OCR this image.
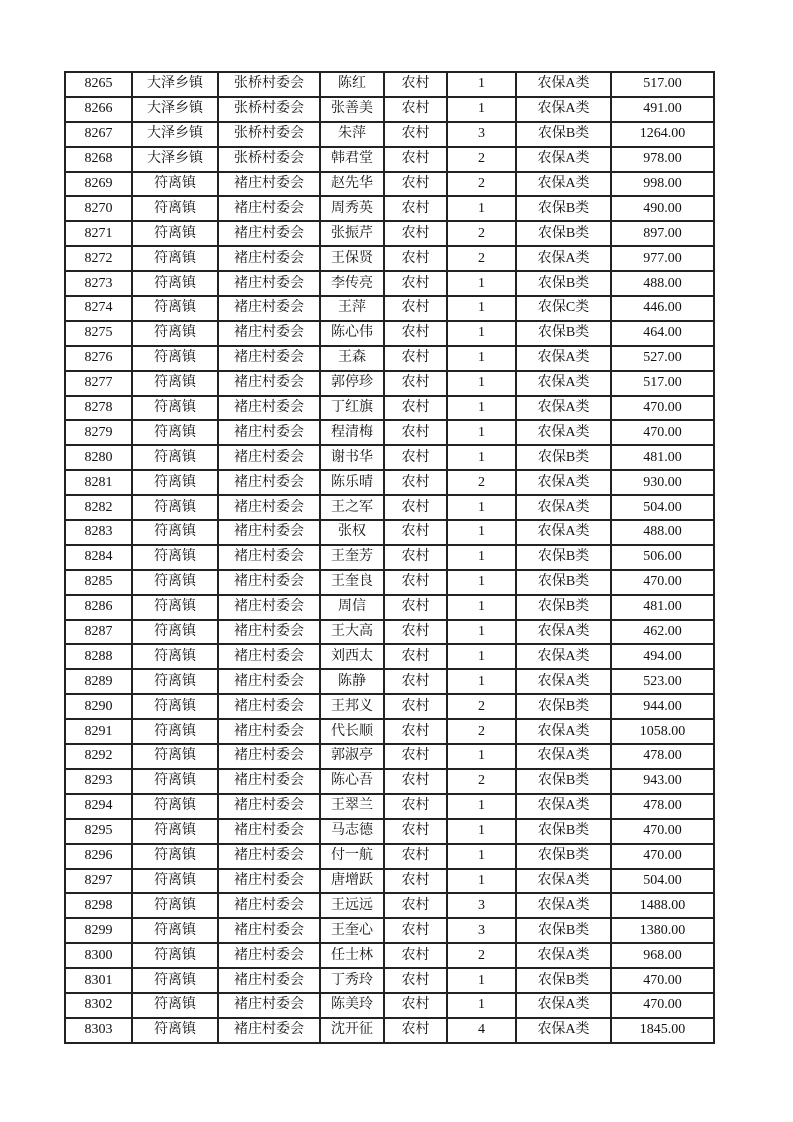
8265	大泽乡镇	张桥村委会	陈红	农村	1	农保A类	517.00
8266	大泽乡镇	张桥村委会	张善美	农村	1	农保A类	491.00
8267	大泽乡镇	张桥村委会	朱萍	农村	3	农保B类	1264.00
8268	大泽乡镇	张桥村委会	韩君堂	农村	2	农保A类	978.00
8269	符离镇	褚庄村委会	赵先华	农村	2	农保A类	998.00
8270	符离镇	褚庄村委会	周秀英	农村	1	农保B类	490.00
8271	符离镇	褚庄村委会	张振芹	农村	2	农保B类	897.00
8272	符离镇	褚庄村委会	王保贤	农村	2	农保A类	977.00
8273	符离镇	褚庄村委会	李传亮	农村	1	农保B类	488.00
8274	符离镇	褚庄村委会	王萍	农村	1	农保C类	446.00
8275	符离镇	褚庄村委会	陈心伟	农村	1	农保B类	464.00
8276	符离镇	褚庄村委会	王森	农村	1	农保A类	527.00
8277	符离镇	褚庄村委会	郭停珍	农村	1	农保A类	517.00
8278	符离镇	褚庄村委会	丁红旗	农村	1	农保A类	470.00
8279	符离镇	褚庄村委会	程清梅	农村	1	农保A类	470.00
8280	符离镇	褚庄村委会	谢书华	农村	1	农保B类	481.00
8281	符离镇	褚庄村委会	陈乐晴	农村	2	农保A类	930.00
8282	符离镇	褚庄村委会	王之军	农村	1	农保A类	504.00
8283	符离镇	褚庄村委会	张权	农村	1	农保A类	488.00
8284	符离镇	褚庄村委会	王奎芳	农村	1	农保B类	506.00
8285	符离镇	褚庄村委会	王奎良	农村	1	农保B类	470.00
8286	符离镇	褚庄村委会	周信	农村	1	农保B类	481.00
8287	符离镇	褚庄村委会	王大高	农村	1	农保A类	462.00
8288	符离镇	褚庄村委会	刘西太	农村	1	农保A类	494.00
8289	符离镇	褚庄村委会	陈静	农村	1	农保A类	523.00
8290	符离镇	褚庄村委会	王邦义	农村	2	农保B类	944.00
8291	符离镇	褚庄村委会	代长顺	农村	2	农保A类	1058.00
8292	符离镇	褚庄村委会	郭淑亭	农村	1	农保A类	478.00
8293	符离镇	褚庄村委会	陈心吾	农村	2	农保B类	943.00
8294	符离镇	褚庄村委会	王翠兰	农村	1	农保A类	478.00
8295	符离镇	褚庄村委会	马志德	农村	1	农保B类	470.00
8296	符离镇	褚庄村委会	付一航	农村	1	农保B类	470.00
8297	符离镇	褚庄村委会	唐增跃	农村	1	农保A类	504.00
8298	符离镇	褚庄村委会	王远远	农村	3	农保A类	1488.00
8299	符离镇	褚庄村委会	王奎心	农村	3	农保B类	1380.00
8300	符离镇	褚庄村委会	任士林	农村	2	农保A类	968.00
8301	符离镇	褚庄村委会	丁秀玲	农村	1	农保B类	470.00
8302	符离镇	褚庄村委会	陈美玲	农村	1	农保A类	470.00
8303	符离镇	褚庄村委会	沈开征	农村	4	农保A类	1845.00
